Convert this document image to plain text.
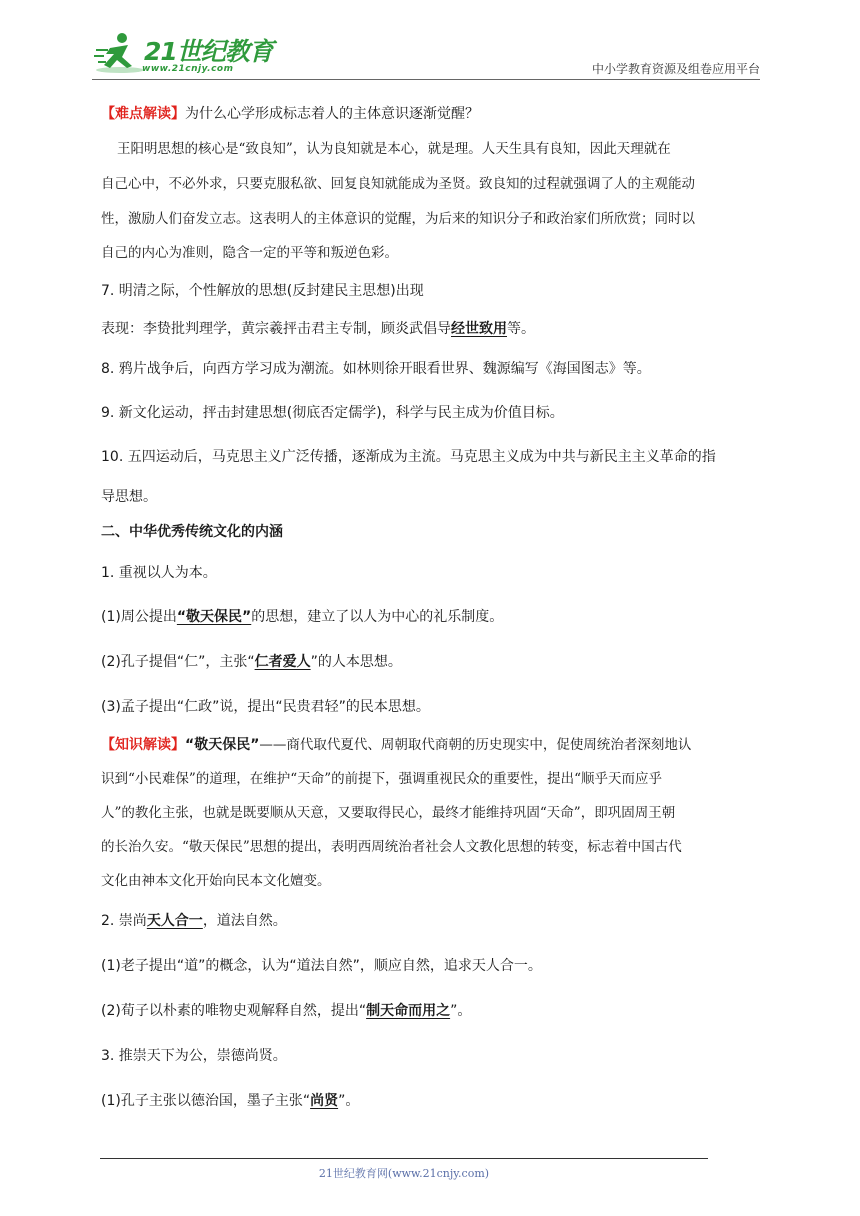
21世纪教育
www.21cnjy.com	中小学教育资源及组卷应用平台
【难点解读】为什么心学形成标志着人的主体意识逐渐觉醒？
王阳明思想的核心是“致良知”，认为良知就是本心，就是理。人天生具有良知，因此天理就在
自己心中，不必外求，只要克服私欲、回复良知就能成为圣贤。致良知的过程就强调了人的主观能动
性，激励人们奋发立志。这表明人的主体意识的觉醒，为后来的知识分子和政治家们所欣赏；同时以
自己的内心为准则，隐含一定的平等和叛逆色彩。
7. 明清之际，个性解放的思想(反封建民主思想)出现
表现：李贽批判理学，黄宗羲抨击君主专制，顾炎武倡导经世致用等。
8. 鸦片战争后，向西方学习成为潮流。如林则徐开眼看世界、魏源编写《海国图志》等。
9. 新文化运动，抨击封建思想(彻底否定儒学)，科学与民主成为价值目标。
10. 五四运动后，马克思主义广泛传播，逐渐成为主流。马克思主义成为中共与新民主主义革命的指
导思想。
二、中华优秀传统文化的内涵
1. 重视以人为本。
(1)周公提出“敬天保民”的思想，建立了以人为中心的礼乐制度。
(2)孔子提倡“仁”，主张“仁者爱人”的人本思想。
(3)孟子提出“仁政”说，提出“民贵君轻”的民本思想。
【知识解读】“敬天保民”——商代取代夏代、周朝取代商朝的历史现实中，促使周统治者深刻地认
识到“小民难保”的道理，在维护“天命”的前提下，强调重视民众的重要性，提出“顺乎天而应乎
人”的教化主张，也就是既要顺从天意，又要取得民心，最终才能维持巩固“天命”，即巩固周王朝
的长治久安。“敬天保民”思想的提出，表明西周统治者社会人文教化思想的转变，标志着中国古代
文化由神本文化开始向民本文化嬗变。
2. 崇尚天人合一，道法自然。
(1)老子提出“道”的概念，认为“道法自然”，顺应自然，追求天人合一。
(2)荀子以朴素的唯物史观解释自然，提出“制天命而用之”。
3. 推崇天下为公，崇德尚贤。
(1)孔子主张以德治国，墨子主张“尚贤”。
21世纪教育网(www.21cnjy.com)
